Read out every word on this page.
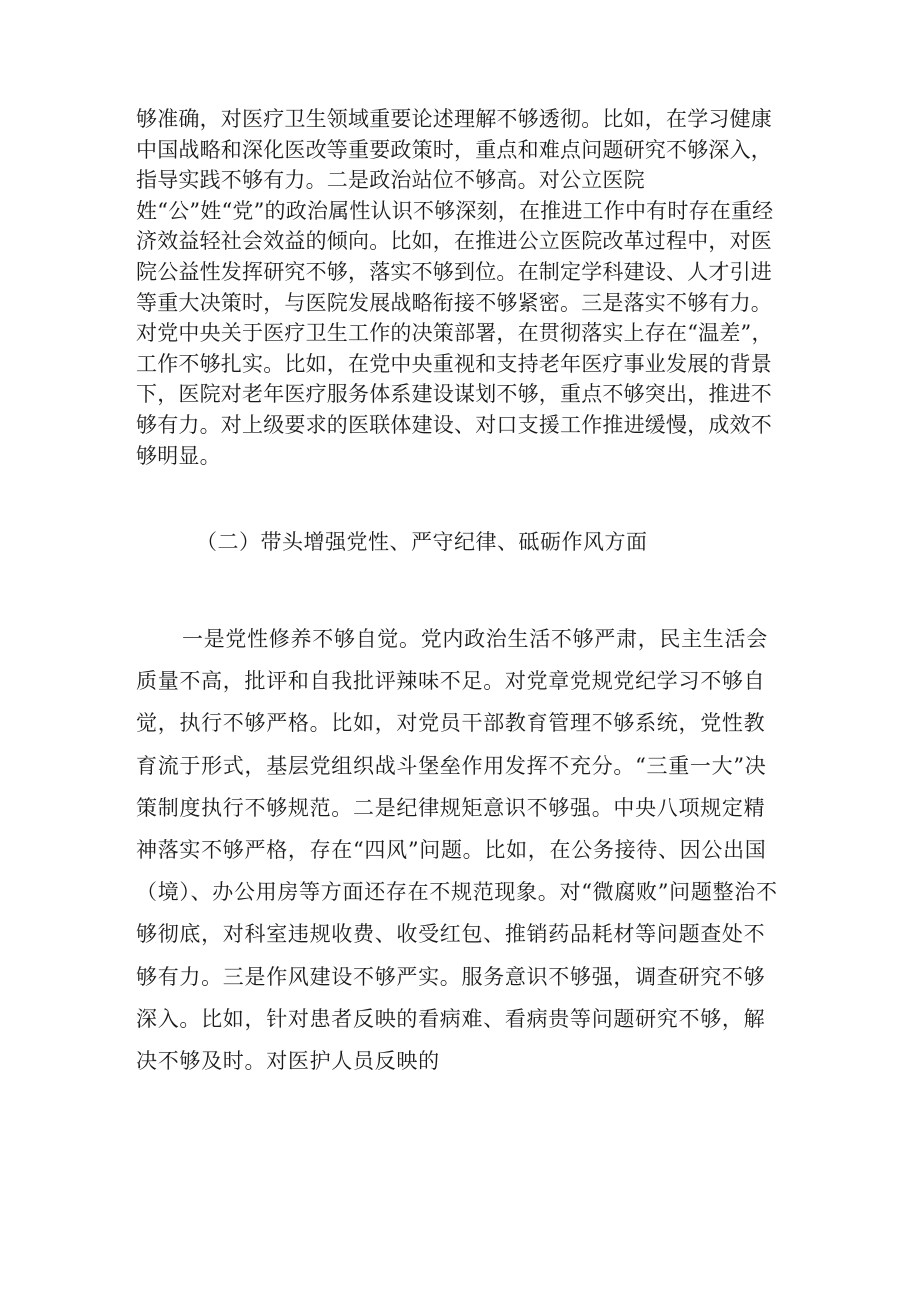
够准确，对医疗卫生领域重要论述理解不够透彻。比如，在学习健康中国战略和深化医改等重要政策时，重点和难点问题研究不够深入，指导实践不够有力。二是政治站位不够高。对公立医院姓“公”姓“党”的政治属性认识不够深刻，在推进工作中有时存在重经济效益轻社会效益的倾向。比如，在推进公立医院改革过程中，对医院公益性发挥研究不够，落实不够到位。在制定学科建设、人才引进等重大决策时，与医院发展战略衔接不够紧密。三是落实不够有力。对党中央关于医疗卫生工作的决策部署，在贯彻落实上存在“温差”，工作不够扎实。比如，在党中央重视和支持老年医疗事业发展的背景下，医院对老年医疗服务体系建设谋划不够，重点不够突出，推进不够有力。对上级要求的医联体建设、对口支援工作推进缓慢，成效不够明显。

（二）带头增强党性、严守纪律、砥砺作风方面

一是党性修养不够自觉。党内政治生活不够严肃，民主生活会质量不高，批评和自我批评辣味不足。对党章党规党纪学习不够自觉，执行不够严格。比如，对党员干部教育管理不够系统，党性教育流于形式，基层党组织战斗堡垒作用发挥不充分。“三重一大”决策制度执行不够规范。二是纪律规矩意识不够强。中央八项规定精神落实不够严格，存在“四风”问题。比如，在公务接待、因公出国（境）、办公用房等方面还存在不规范现象。对“微腐败”问题整治不够彻底，对科室违规收费、收受红包、推销药品耗材等问题查处不够有力。三是作风建设不够严实。服务意识不够强，调查研究不够深入。比如，针对患者反映的看病难、看病贵等问题研究不够，解决不够及时。对医护人员反映的
